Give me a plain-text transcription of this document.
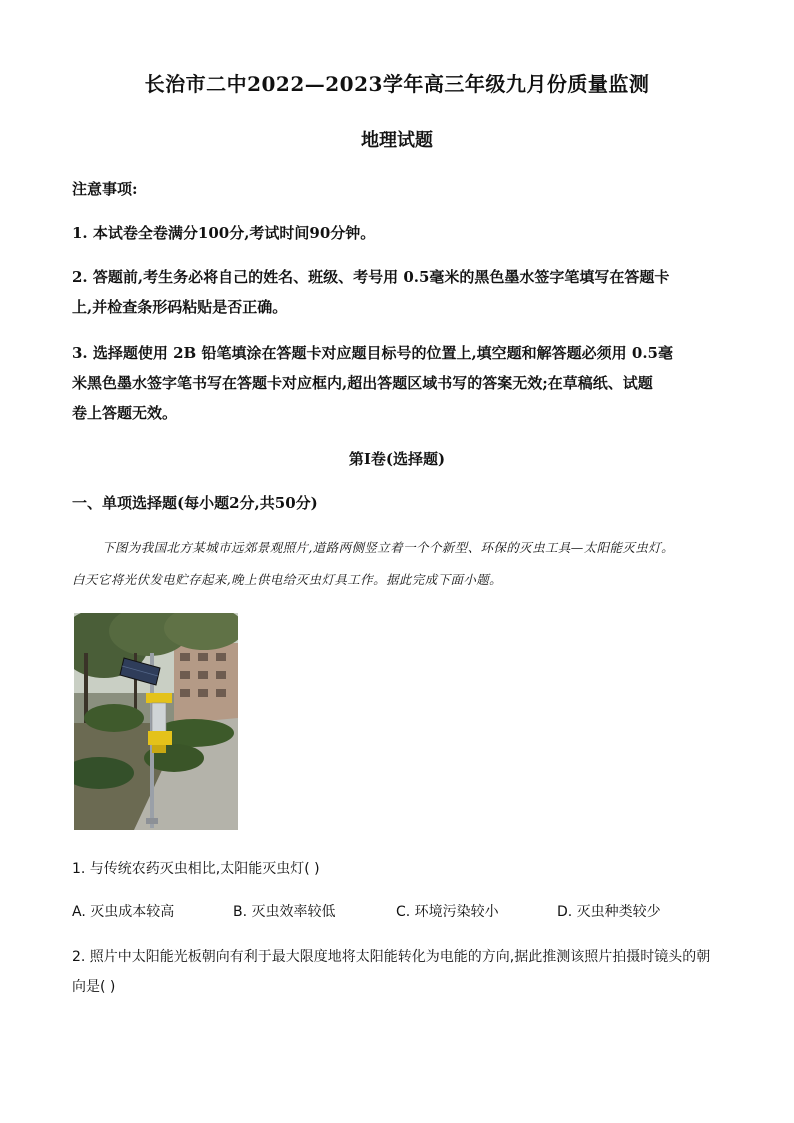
长治市二中2022—2023学年高三年级九月份质量监测
地理试题
注意事项:
1. 本试卷全卷满分100分,考试时间90分钟。
2. 答题前,考生务必将自己的姓名、班级、考号用 0.5毫米的黑色墨水签字笔填写在答题卡
上,并检查条形码粘贴是否正确。
3. 选择题使用 2B 铅笔填涂在答题卡对应题目标号的位置上,填空题和解答题必须用 0.5毫
米黑色墨水签字笔书写在答题卡对应框内,超出答题区域书写的答案无效;在草稿纸、试题
卷上答题无效。
第Ⅰ卷(选择题)
一、单项选择题(每小题2分,共50分)
下图为我国北方某城市远郊景观照片,道路两侧竖立着一个个新型、环保的灭虫工具—太阳能灭虫灯。
白天它将光伏发电贮存起来,晚上供电给灭虫灯具工作。据此完成下面小题。
1. 与传统农药灭虫相比,太阳能灭虫灯( )
A. 灭虫成本较高	B. 灭虫效率较低	C. 环境污染较小	D. 灭虫种类较少
2. 照片中太阳能光板朝向有利于最大限度地将太阳能转化为电能的方向,据此推测该照片拍摄时镜头的朝
向是( )
